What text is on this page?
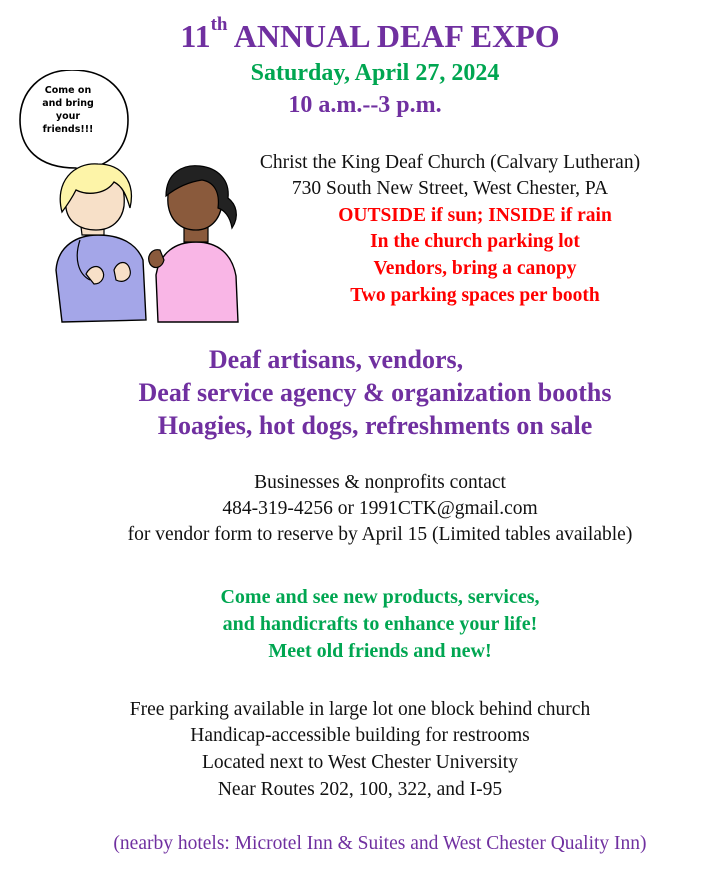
11th ANNUAL DEAF EXPO
Saturday, April 27, 2024
10 a.m.--3 p.m.
Come on
and bring
your
friends!!!
Christ the King Deaf Church (Calvary Lutheran)
730 South New Street, West Chester, PA
OUTSIDE if sun; INSIDE if rain
In the church parking lot
Vendors, bring a canopy
Two parking spaces per booth
Deaf artisans, vendors,
Deaf service agency & organization booths
Hoagies, hot dogs, refreshments on sale
Businesses & nonprofits contact
484-319-4256 or 1991CTK@gmail.com
for vendor form to reserve by April 15 (Limited tables available)
Come and see new products, services,
and handicrafts to enhance your life!
Meet old friends and new!
Free parking available in large lot one block behind church
Handicap-accessible building for restrooms
Located next to West Chester University
Near Routes 202, 100, 322, and I-95
(nearby hotels: Microtel Inn & Suites and West Chester Quality Inn)
